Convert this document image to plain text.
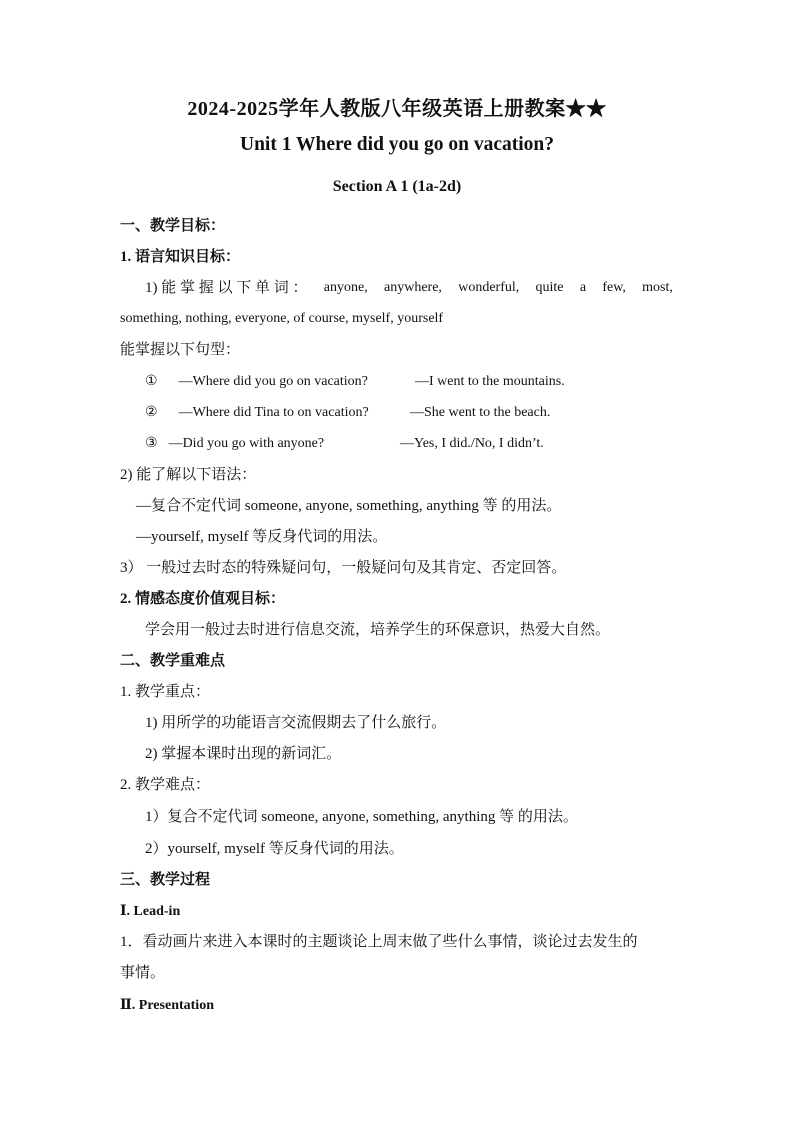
2024-2025学年人教版八年级英语上册教案★★
Unit 1 Where did you go on vacation?
Section A 1 (1a-2d)
一、教学目标：
1. 语言知识目标：
1) 能 掌 握 以 下 单 词 ： anyone, anywhere, wonderful, quite a few, most,
something, nothing, everyone, of course, myself, yourself
能掌握以下句型：
① —Where did you go on vacation?	—I went to the mountains.
② —Where did Tina to on vacation?	—She went to the beach.
③ —Did you go with anyone?	—Yes, I did./No, I didn’t.
2) 能了解以下语法：
—复合不定代词 someone, anyone, something, anything 等 的用法。
—yourself, myself 等反身代词的用法。
3） 一般过去时态的特殊疑问句，一般疑问句及其肯定、否定回答。
2. 情感态度价值观目标：
学会用一般过去时进行信息交流，培养学生的环保意识，热爱大自然。
二、教学重难点
1. 教学重点：
1) 用所学的功能语言交流假期去了什么旅行。
2) 掌握本课时出现的新词汇。
2. 教学难点：
1）复合不定代词 someone, anyone, something, anything 等 的用法。
2）yourself, myself 等反身代词的用法。
三、教学过程
Ⅰ. Lead-in
1．看动画片来进入本课时的主题谈论上周末做了些什么事情，谈论过去发生的
事情。
Ⅱ. Presentation
